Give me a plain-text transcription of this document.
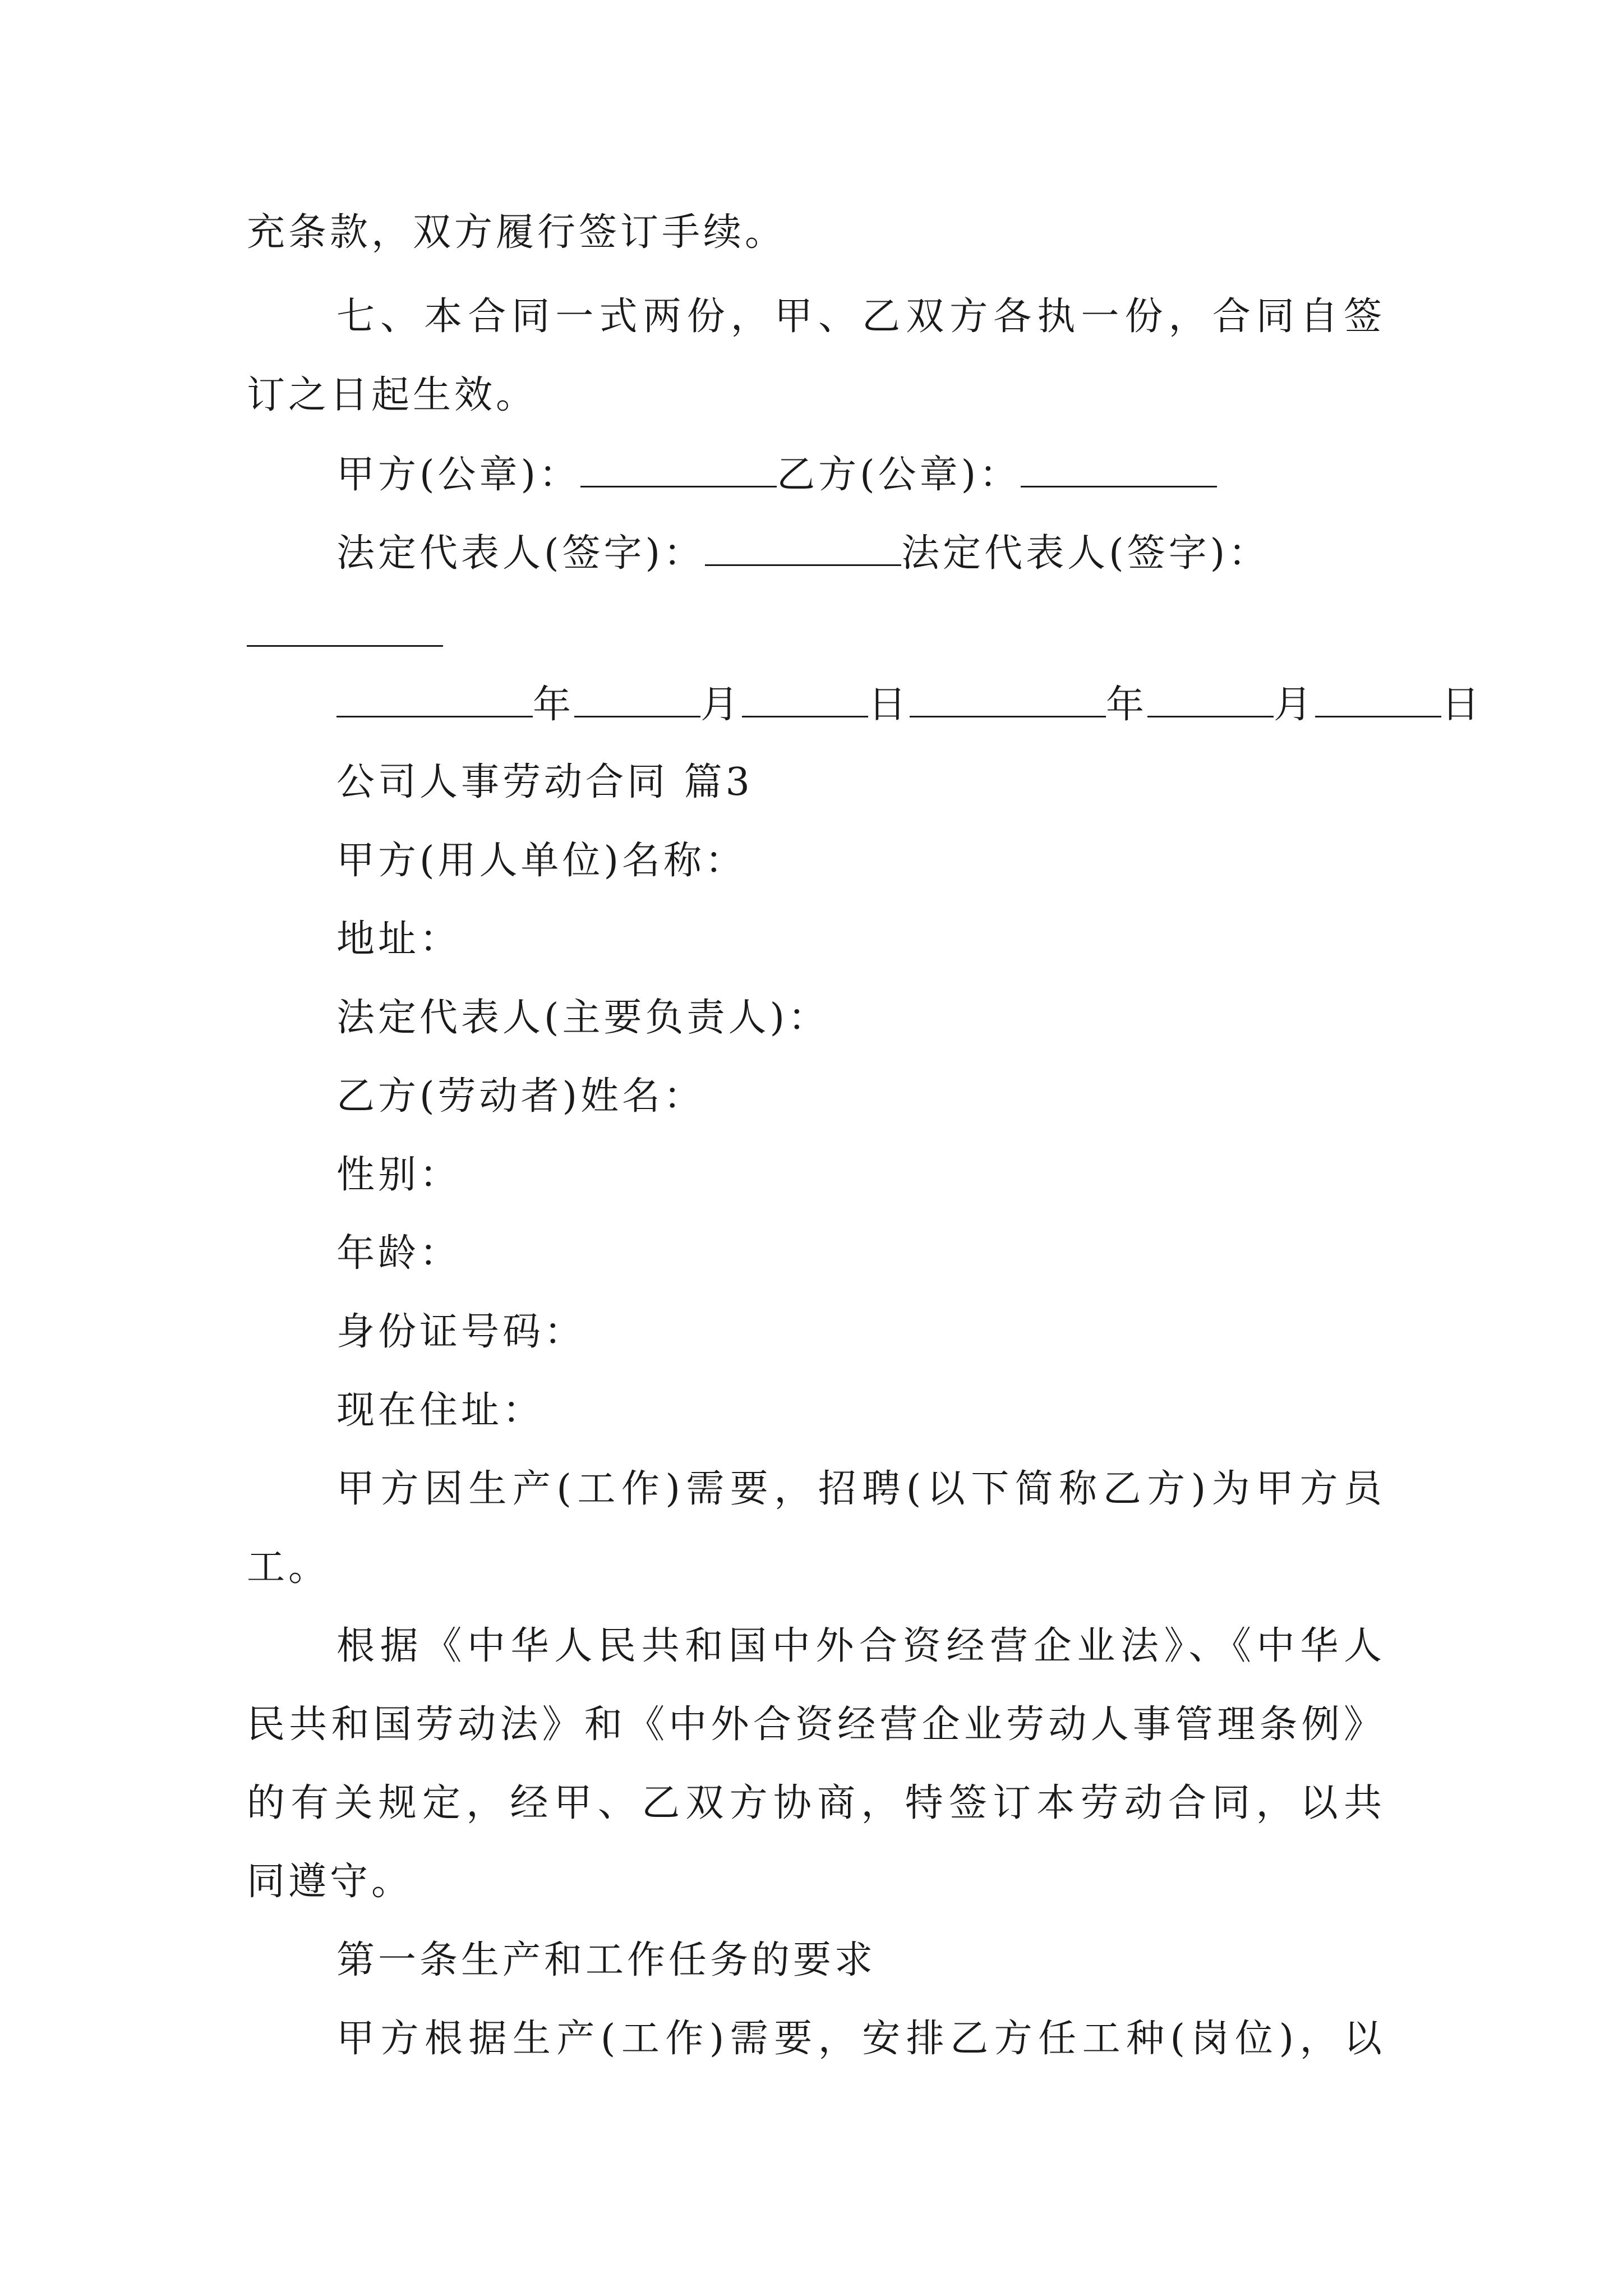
充条款，双方履行签订手续。
七、本合同一式两份，甲、乙双方各执一份，合同自签
订之日起生效。
甲方(公章)：	乙方(公章)：
法定代表人(签字)：	法定代表人(签字)：
年	月	日	年	月	日
公司人事劳动合同 篇3
甲方(用人单位)名称：
地址：
法定代表人(主要负责人)：
乙方(劳动者)姓名：
性别：
年龄：
身份证号码：
现在住址：
甲方因生产(工作)需要，招聘(以下简称乙方)为甲方员
工。
根据《中华人民共和国中外合资经营企业法》、《中华人
民共和国劳动法》和《中外合资经营企业劳动人事管理条例》
的有关规定，经甲、乙双方协商，特签订本劳动合同，以共
同遵守。
第一条生产和工作任务的要求
甲方根据生产(工作)需要，安排乙方任工种(岗位)，以
